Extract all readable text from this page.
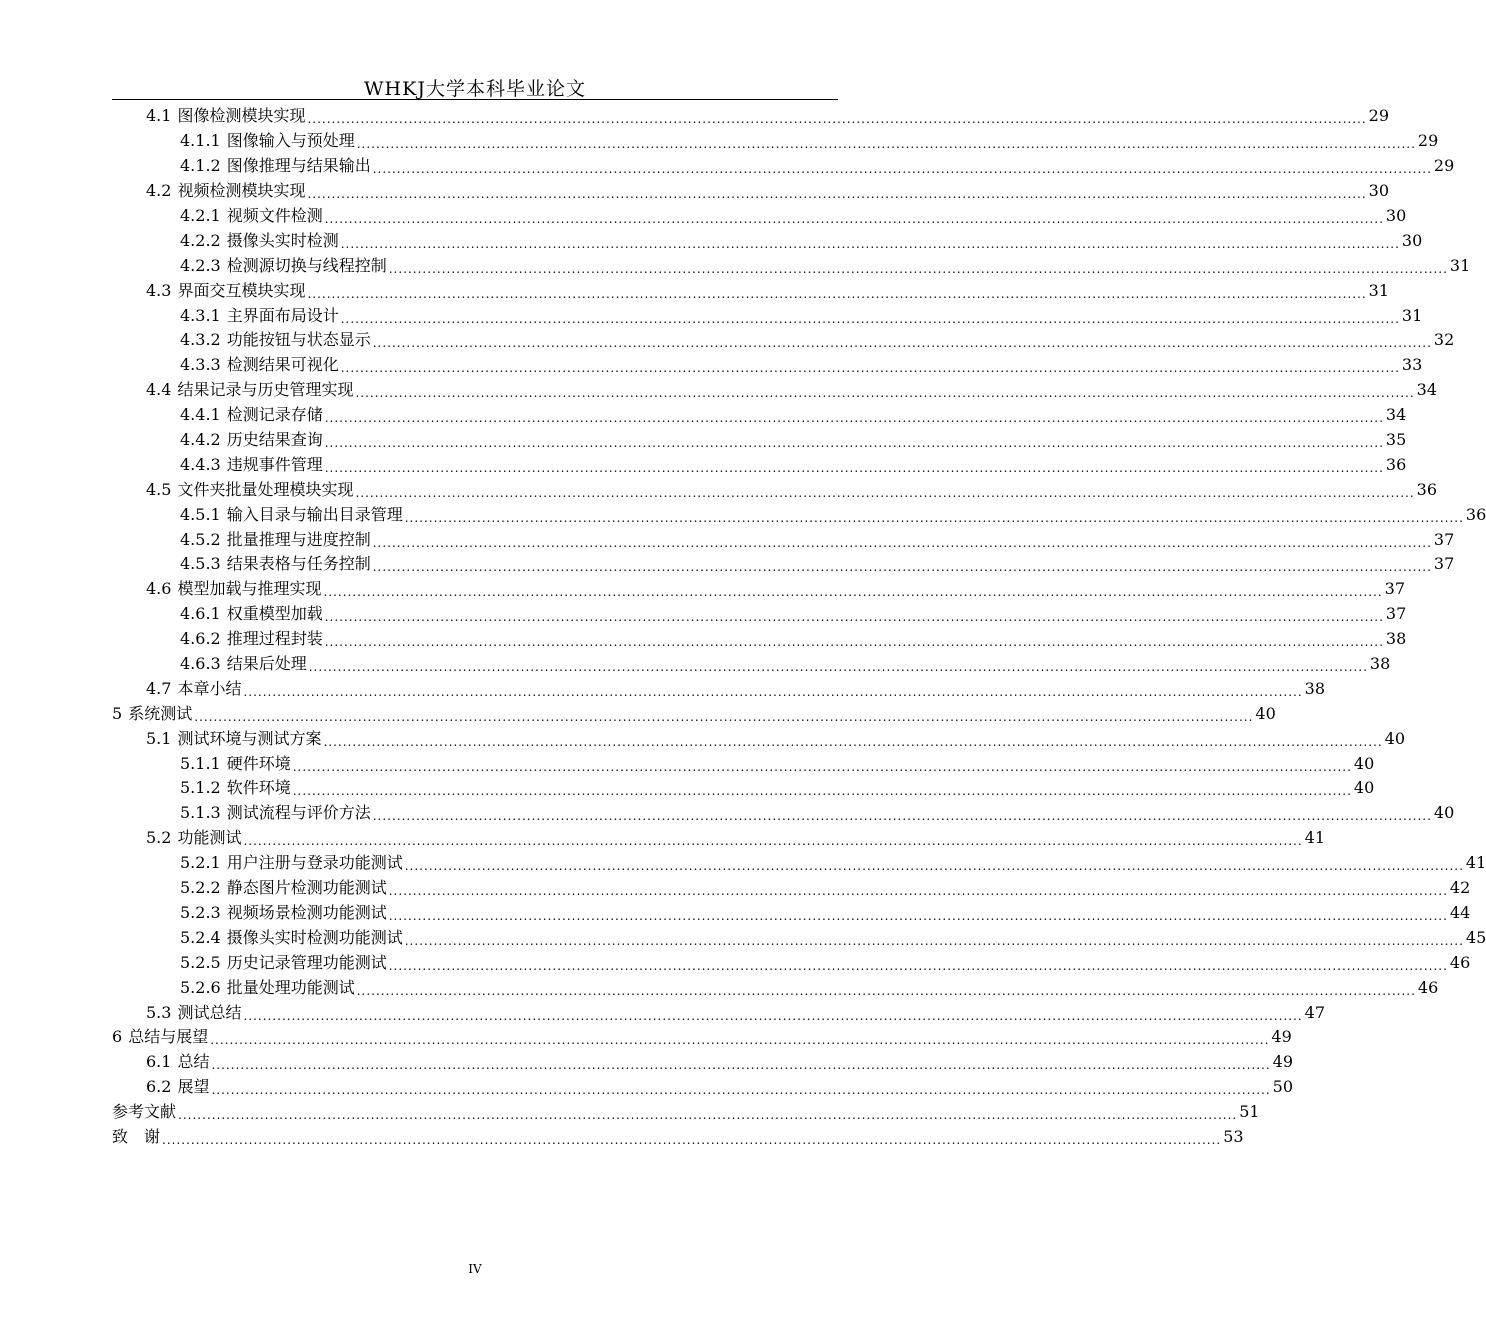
WHKJ大学本科毕业论文
4.1 图像检测模块实现 ............................................................................................................................................................................................................................ 29
4.1.1 图像输入与预处理 ............................................................................................................................................................................................................................ 29
4.1.2 图像推理与结果输出 ............................................................................................................................................................................................................................ 29
4.2 视频检测模块实现 ............................................................................................................................................................................................................................ 30
4.2.1 视频文件检测 ............................................................................................................................................................................................................................ 30
4.2.2 摄像头实时检测 ............................................................................................................................................................................................................................ 30
4.2.3 检测源切换与线程控制 ............................................................................................................................................................................................................................ 31
4.3 界面交互模块实现 ............................................................................................................................................................................................................................ 31
4.3.1 主界面布局设计 ............................................................................................................................................................................................................................ 31
4.3.2 功能按钮与状态显示 ............................................................................................................................................................................................................................ 32
4.3.3 检测结果可视化 ............................................................................................................................................................................................................................ 33
4.4 结果记录与历史管理实现 ............................................................................................................................................................................................................................ 34
4.4.1 检测记录存储 ............................................................................................................................................................................................................................ 34
4.4.2 历史结果查询 ............................................................................................................................................................................................................................ 35
4.4.3 违规事件管理 ............................................................................................................................................................................................................................ 36
4.5 文件夹批量处理模块实现 ............................................................................................................................................................................................................................ 36
4.5.1 输入目录与输出目录管理 ............................................................................................................................................................................................................................ 36
4.5.2 批量推理与进度控制 ............................................................................................................................................................................................................................ 37
4.5.3 结果表格与任务控制 ............................................................................................................................................................................................................................ 37
4.6 模型加载与推理实现 ............................................................................................................................................................................................................................ 37
4.6.1 权重模型加载 ............................................................................................................................................................................................................................ 37
4.6.2 推理过程封装 ............................................................................................................................................................................................................................ 38
4.6.3 结果后处理 ............................................................................................................................................................................................................................ 38
4.7 本章小结 ............................................................................................................................................................................................................................ 38
5 系统测试 ............................................................................................................................................................................................................................ 40
5.1 测试环境与测试方案 ............................................................................................................................................................................................................................ 40
5.1.1 硬件环境 ............................................................................................................................................................................................................................ 40
5.1.2 软件环境 ............................................................................................................................................................................................................................ 40
5.1.3 测试流程与评价方法 ............................................................................................................................................................................................................................ 40
5.2 功能测试 ............................................................................................................................................................................................................................ 41
5.2.1 用户注册与登录功能测试 ............................................................................................................................................................................................................................ 41
5.2.2 静态图片检测功能测试 ............................................................................................................................................................................................................................ 42
5.2.3 视频场景检测功能测试 ............................................................................................................................................................................................................................ 44
5.2.4 摄像头实时检测功能测试 ............................................................................................................................................................................................................................ 45
5.2.5 历史记录管理功能测试 ............................................................................................................................................................................................................................ 46
5.2.6 批量处理功能测试 ............................................................................................................................................................................................................................ 46
5.3 测试总结 ............................................................................................................................................................................................................................ 47
6 总结与展望 ............................................................................................................................................................................................................................ 49
6.1 总结 ............................................................................................................................................................................................................................ 49
6.2 展望 ............................................................................................................................................................................................................................ 50
参考文献 ............................................................................................................................................................................................................................ 51
致　谢 ............................................................................................................................................................................................................................ 53
IV
